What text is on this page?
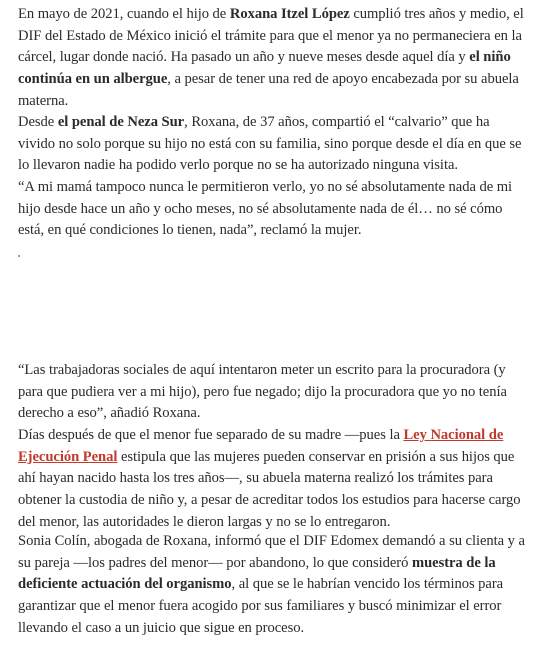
En mayo de 2021, cuando el hijo de Roxana Itzel López cumplió tres años y medio, el DIF del Estado de México inició el trámite para que el menor ya no permaneciera en la cárcel, lugar donde nació. Ha pasado un año y nueve meses desde aquel día y el niño continúa en un albergue, a pesar de tener una red de apoyo encabezada por su abuela materna.

Desde el penal de Neza Sur, Roxana, de 37 años, compartió el “calvario” que ha vivido no solo porque su hijo no está con su familia, sino porque desde el día en que se lo llevaron nadie ha podido verlo porque no se ha autorizado ninguna visita.

“A mi mamá tampoco nunca le permitieron verlo, yo no sé absolutamente nada de mi hijo desde hace un año y ocho meses, no sé absolutamente nada de él… no sé cómo está, en qué condiciones lo tienen, nada”, reclamó la mujer.

“Las trabajadoras sociales de aquí intentaron meter un escrito para la procuradora (y para que pudiera ver a mi hijo), pero fue negado; dijo la procuradora que yo no tenía derecho a eso”, añadió Roxana.

Días después de que el menor fue separado de su madre —pues la Ley Nacional de Ejecución Penal estipula que las mujeres pueden conservar en prisión a sus hijos que ahí hayan nacido hasta los tres años—, su abuela materna realizó los trámites para obtener la custodia de niño y, a pesar de acreditar todos los estudios para hacerse cargo del menor, las autoridades le dieron largas y no se lo entregaron.

Sonia Colín, abogada de Roxana, informó que el DIF Edomex demandó a su clienta y a su pareja —los padres del menor— por abandono, lo que consideró muestra de la deficiente actuación del organismo, al que se le habrían vencido los términos para garantizar que el menor fuera acogido por sus familiares y buscó minimizar el error llevando el caso a un juicio que sigue en proceso.
